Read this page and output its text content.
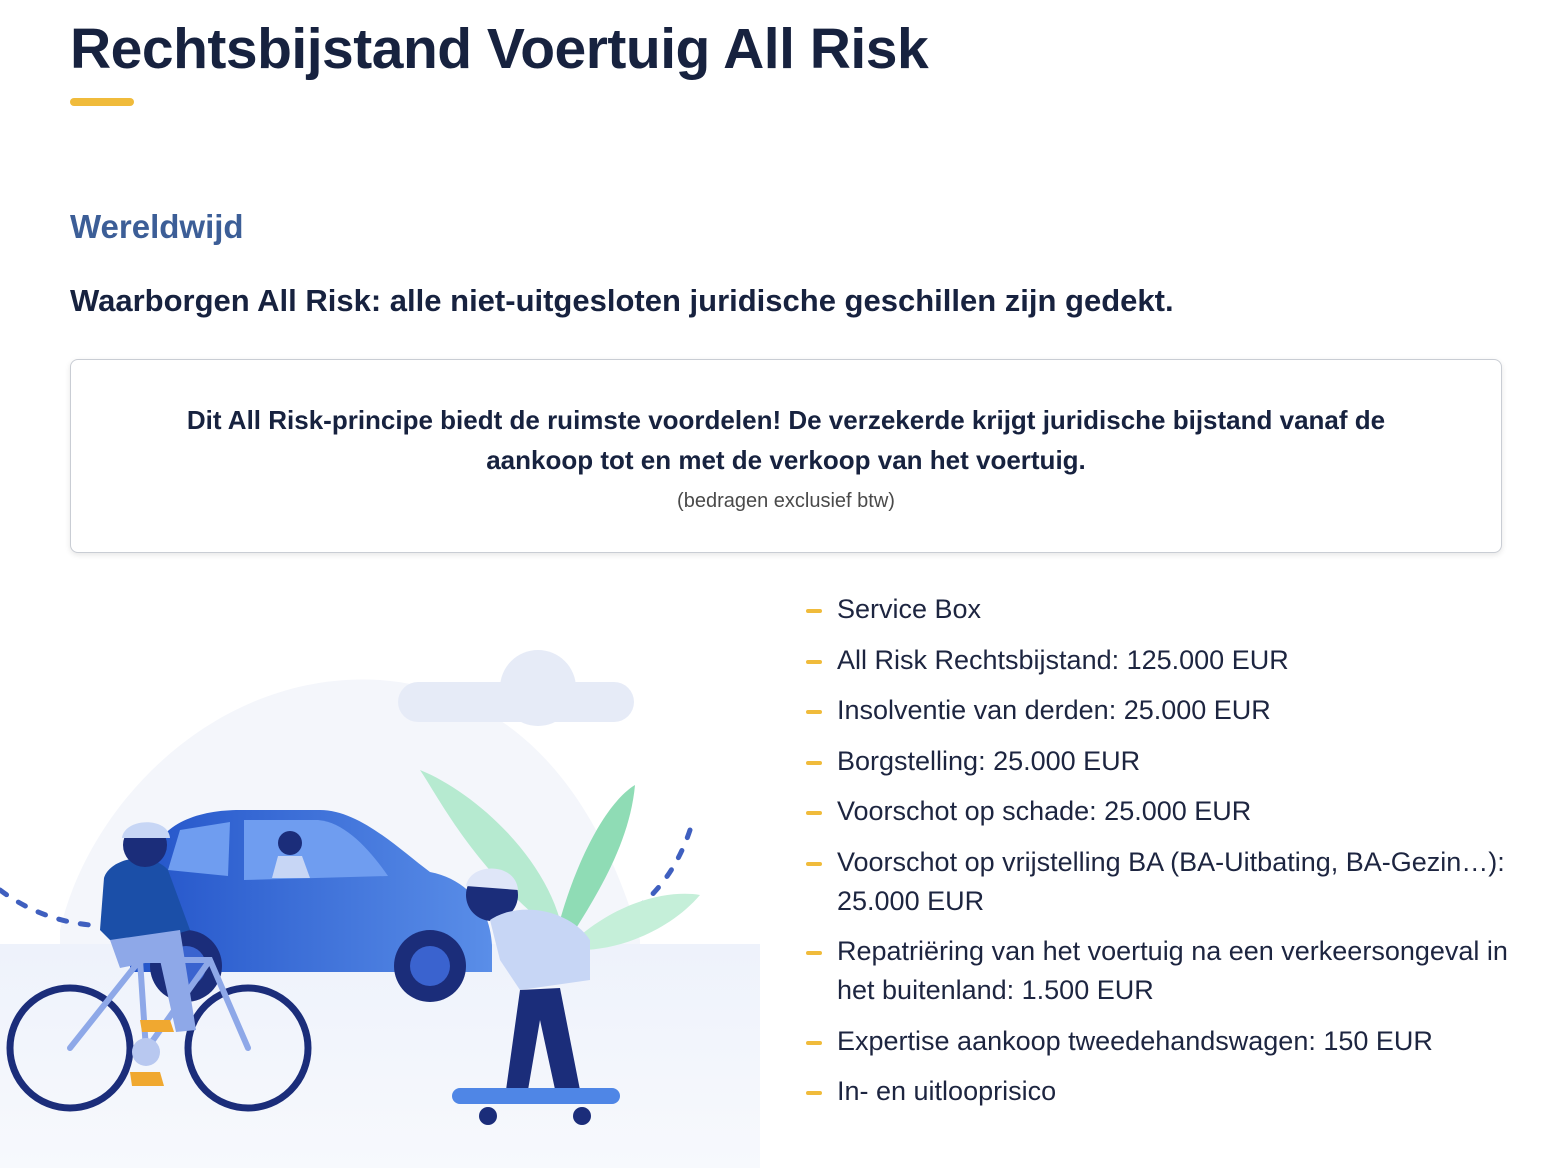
Rechtsbijstand Voertuig All Risk
Wereldwijd
Waarborgen All Risk: alle niet-uitgesloten juridische geschillen zijn gedekt.
Dit All Risk-principe biedt de ruimste voordelen! De verzekerde krijgt juridische bijstand vanaf de aankoop tot en met de verkoop van het voertuig.
(bedragen exclusief btw)
Service Box
All Risk Rechtsbijstand: 125.000 EUR
Insolventie van derden: 25.000 EUR
Borgstelling: 25.000 EUR
Voorschot op schade: 25.000 EUR
Voorschot op vrijstelling BA (BA-Uitbating, BA-Gezin…): 25.000 EUR
Repatriëring van het voertuig na een verkeersongeval in het buitenland: 1.500 EUR
Expertise aankoop tweedehandswagen: 150 EUR
In- en uitlooprisico
